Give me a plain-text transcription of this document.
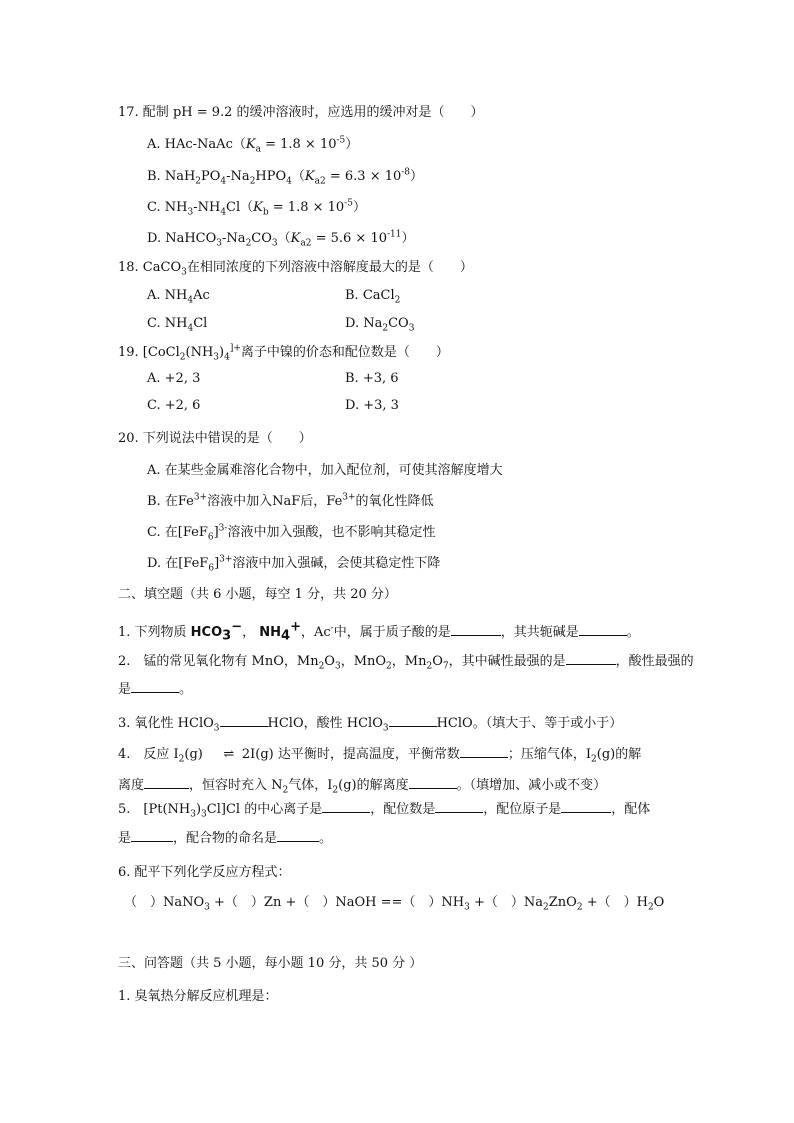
17. 配制 pH = 9.2 的缓冲溶液时，应选用的缓冲对是（　　）
A. HAc-$NaAc(K_a = 1.8 \times 10^{-5})$
B. $NaH_2PO_4-Na_2HPO_4(K_{a2} = 6.3 \times 10^{-8})$
C. $NH_3-NH_4Cl(K_b = 1.8 \times 10^{-5})$
D. $NaHCO_3-Na_2CO_3(K_{a2} = 5.6 \times 10^{-11})$
18. CaCO$_3$在相同浓度的下列溶液中溶解度最大的是（　　）
A. $NH_4Ac$	B. CaCl$_2$
C. $NH_4Cl$	D. $Na_2CO_3$
19. [$CoCl_2(NH_3)_4^{]+}$离子中镍的价态和配位数是（　　）
A. +2, 3	B. +3, 6
C. +2, 6	D. +3, 3
20. 下列说法中错误的是（　　）
A. 在某些金属难溶化合物中，加入配位剂，可使其溶解度增大
B. 在$Fe^{3+}$溶液中加入NaF后，$Fe^{3+}$的氧化性降低
C. 在$[FeF_6]^{3-}$溶液中加入强酸，也不影响其稳定性
D. 在$[FeF_6]^{3+}$溶液中加入强碱，会使其稳定性下降
二、填空题（共 6 小题，每空 1 分，共 20 分）
1. 下列物质 $HCO_3^-$， $NH_4^+$，Ac-中，属于质子酸的是	，其共轭碱是	。
2.　锰的常见氧化物有 MnO，$Mn_2O_3$，MnO$_2$，$Mn_2O_7$，其中碱性最强的是	，酸性最强的
是	。
3. 氧化性 HClO$_3$	HClO，酸性 HClO$_3$	HClO。（填大于、等于或小于）
4.　反应 $I_2(g)$　⇌ 2I(g) 达平衡时，提高温度，平衡常数	；压缩气体，$I_2(g)$的解
离度	，恒容时充入 $N_2$气体，$I_2(g)$的解离度	。（填增加、减小或不变）
5.　$[Pt(NH_3)_3Cl]Cl$ 的中心离子是	，配位数是	，配位原子是	，配体
是	，配合物的命名是	。
6. 配平下列化学反应方程式：
（　）NaNO$_3$ +（　）Zn +（　）NaOH ==（　）$NH_3$ +（　）$Na_2ZnO_2$ +（　）$H_2O$
三、问答题（共 5 小题，每小题 10 分，共 50 分 ）
1. 臭氧热分解反应机理是：
